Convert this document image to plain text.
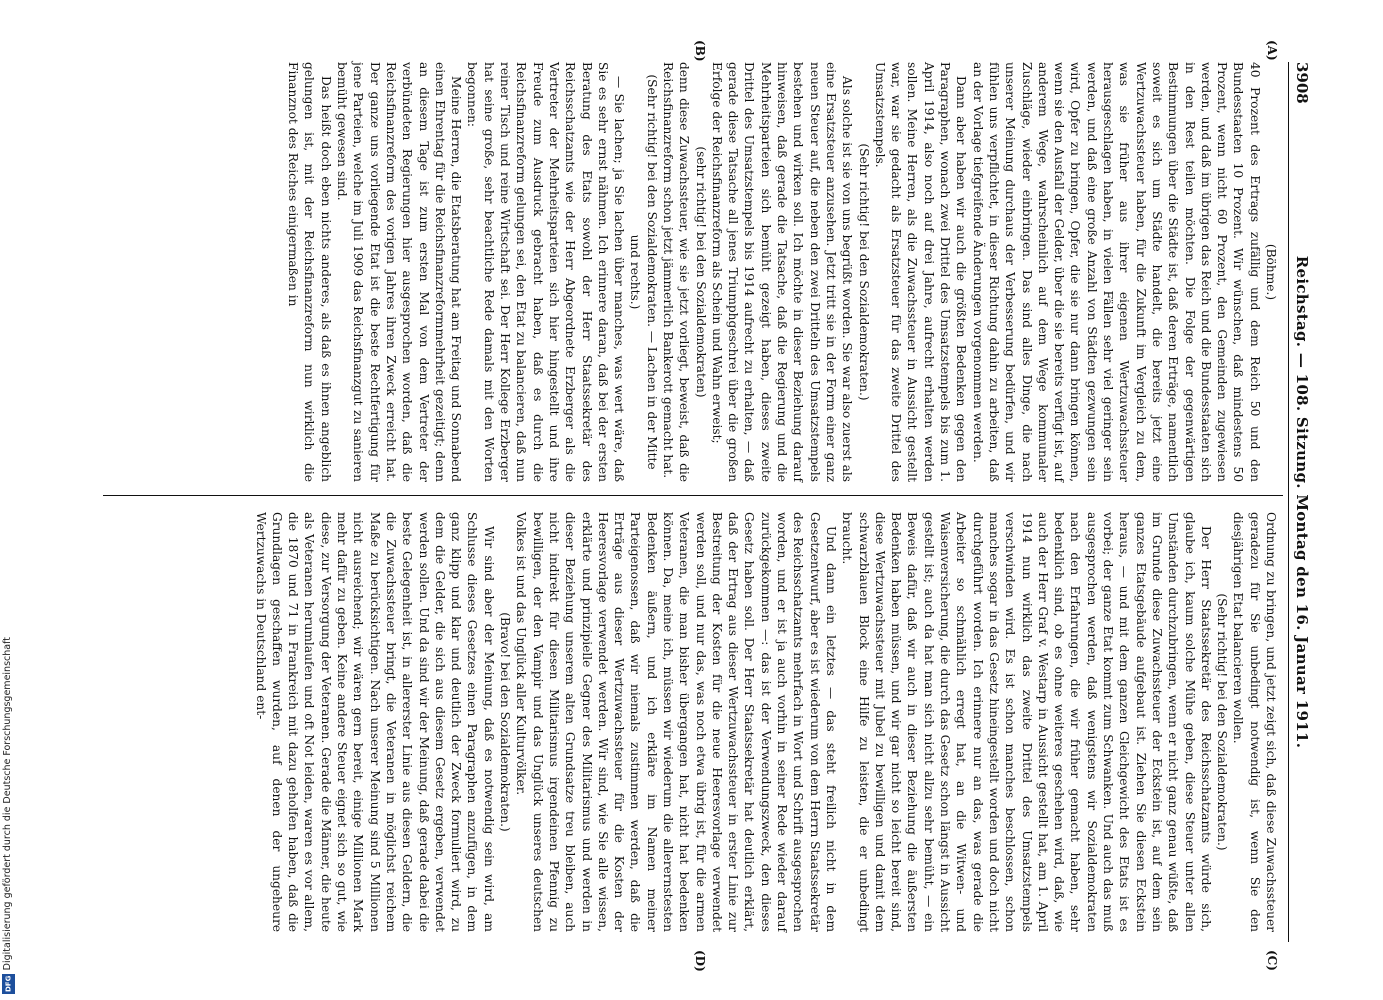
3908
Reichstag. — 108. Sitzung. Montag den 16. Januar 1911.
(A)
(B)
(C)
(D)

(Böhme.)

40 Prozent des Ertrags zufällig und dem Reich 50 und den Bundesstaaten 10 Prozent. Wir wünschen, daß mindestens 50 Prozent, wenn nicht 60 Prozent, den Gemeinden zugewiesen werden, und daß im übrigen das Reich und die Bundesstaaten sich in den Rest teilen möchten. Die Folge der gegenwärtigen Bestimmungen über die Städte ist, daß deren Erträge, namentlich soweit es sich um Städte handelt, die bereits jetzt eine Wertzuwachssteuer haben, für die Zukunft im Vergleich zu dem, was sie früher aus ihrer eigenen Wertzuwachssteuer herausgeschlagen haben, in vielen Fällen sehr viel geringer sein werden, und daß eine große Anzahl von Städten gezwungen sein wird, Opfer zu bringen, Opfer, die sie nur dann bringen können, wenn sie den Ausfall der Gelder, über die sie bereits verfügt ist, auf anderem Wege, wahrscheinlich auf dem Wege kommunaler Zuschläge, wieder einbringen. Das sind alles Dinge, die nach unserer Meinung durchaus der Verbesserung bedürfen, und wir fühlen uns verpflichtet, in dieser Richtung dahin zu arbeiten, daß an der Vorlage tiefgreifende Änderungen vorgenommen werden.

Dann aber haben wir auch die größten Bedenken gegen den Paragraphen, wonach zwei Drittel des Umsatzstempels bis zum 1. April 1914, also noch auf drei Jahre, aufrecht erhalten werden sollen. Meine Herren, als die Zuwachssteuer in Aussicht gestellt war, war sie gedacht als Ersatzsteuer für das zweite Drittel des Umsatzstempels.

(Sehr richtig! bei den Sozialdemokraten.)

Als solche ist sie von uns begrüßt worden. Sie war also zuerst als eine Ersatzsteuer anzusehen. Jetzt tritt sie in der Form einer ganz neuen Steuer auf, die neben den zwei Dritteln des Umsatzstempels bestehen und wirken soll. Ich möchte in dieser Beziehung darauf hinweisen, daß gerade die Tatsache, daß die Regierung und die Mehrheitsparteien sich bemüht gezeigt haben, dieses zweite Drittel des Umsatzstempels bis 1914 aufrecht zu erhalten, — daß gerade diese Tatsache all jenes Triumphgeschrei über die großen Erfolge der Reichsfinanzreform als Schein und Wahn erweist;

(sehr richtig! bei den Sozialdemokraten)

denn diese Zuwachssteuer, wie sie jetzt vorliegt, beweist, daß die Reichsfinanzreform schon jetzt jämmerlich Bankerott gemacht hat.

(Sehr richtig! bei den Sozialdemokraten. — Lachen in der Mitte und rechts.)

— Sie lachen; ja Sie lachen über manches, was wert wäre, daß Sie es sehr ernst nähmen. Ich erinnere daran, daß bei der ersten Beratung des Etats sowohl der Herr Staatssekretär des Reichsschatzamts wie der Herr Abgeordnete Erzberger als die Vertreter der Mehrheitsparteien sich hier hingestellt und ihre Freude zum Ausdruck gebracht haben, daß es durch die Reichsfinanzreform gelungen sei, den Etat zu balancieren, daß nun reiner Tisch und reine Wirtschaft sei. Der Herr Kollege Erzberger hat seine große, sehr beachtliche Rede damals mit den Worten begonnen:

Meine Herren, die Etatsberatung hat am Freitag und Sonnabend einen Ehrentag für die Reichsfinanzreformmehrheit gezeitigt; denn an diesem Tage ist zum ersten Mal von dem Vertreter der verbündeten Regierungen hier ausgesprochen worden, daß die Reichsfinanzreform des vorigen Jahres ihren Zweck erreicht hat. Der ganze uns vorliegende Etat ist die beste Rechtfertigung für jene Parteien, welche im Juli 1909 das Reichsfinanzgut zu sanieren bemüht gewesen sind.

Das heißt doch eben nichts anderes, als daß es ihnen angeblich gelungen ist, mit der Reichsfinanzreform nun wirklich die Finanznot des Reiches einigermaßen in

Ordnung zu bringen, und jetzt zeigt sich, daß diese Zuwachssteuer geradezu für Sie unbedingt notwendig ist, wenn Sie den diesjährigen Etat balancieren wollen.

(Sehr richtig! bei den Sozialdemokraten.)

Der Herr Staatssekretär des Reichsschatzamts würde sich, glaube ich, kaum solche Mühe geben, diese Steuer unter allen Umständen durchzubringen, wenn er nicht ganz genau wüßte, daß im Grunde diese Zuwachssteuer der Eckstein ist, auf dem sein ganzes Etatsgebäude aufgebaut ist. Ziehen Sie diesen Eckstein heraus, — und mit dem ganzen Gleichgewicht des Etats ist es vorbei; der ganze Etat kommt zum Schwanken. Und auch das muß ausgesprochen werden, daß wenigstens wir Sozialdemokraten nach den Erfahrungen, die wir früher gemacht haben, sehr bedenklich sind, ob es ohne weiteres geschehen wird, daß, wie auch der Herr Graf v. Westarp in Aussicht gestellt hat, am 1. April 1914 nun wirklich das zweite Drittel des Umsatzstempels verschwinden wird. Es ist schon manches beschlossen, schon manches sogar in das Gesetz hineingestellt worden und doch nicht durchgeführt worden. Ich erinnere nur an das, was gerade die Arbeiter so schmählich erregt hat, an die Witwen- und Waisenversicherung, die durch das Gesetz schon längst in Aussicht gestellt ist; auch da hat man sich nicht allzu sehr bemüht, — ein Beweis dafür, daß wir auch in dieser Beziehung die äußersten Bedenken haben müssen, und wir gar nicht so leicht bereit sind, diese Wertzuwachssteuer mit Jubel zu bewilligen und damit dem schwarzblauen Block eine Hilfe zu leisten, die er unbedingt braucht.

Und dann ein letztes — das steht freilich nicht in dem Gesetzentwurf, aber es ist wiederum von dem Herrn Staatssekretär des Reichsschatzamts mehrfach in Wort und Schrift ausgesprochen worden, und er ist ja auch vorhin in seiner Rede wieder darauf zurückgekommen —: das ist der Verwendungszweck, den dieses Gesetz haben soll. Der Herr Staatssekretär hat deutlich erklärt, daß der Ertrag aus dieser Wertzuwachssteuer in erster Linie zur Bestreitung der Kosten für die neue Heeresvorlage verwendet werden soll, und nur das, was noch etwa übrig ist, für die armen Veteranen, die man bisher übergangen hat, nicht hat bedenken können. Da, meine ich, müssen wir wiederum die allerernstesten Bedenken äußern, und ich erkläre im Namen meiner Parteigenossen, daß wir niemals zustimmen werden, daß die Erträge aus dieser Wertzuwachssteuer für die Kosten der Heeresvorlage verwendet werden. Wir sind, wie Sie alle wissen, erklärte und prinzipielle Gegner des Militarismus und werden in dieser Beziehung unserem alten Grundsatze treu bleiben, auch nicht indirekt für diesen Militarismus irgendeinen Pfennig zu bewilligen, der den Vampir und das Unglück unseres deutschen Volkes ist und das Unglück aller Kulturvölker.

(Bravo! bei den Sozialdemokraten.)

Wir sind aber der Meinung, daß es notwendig sein wird, am Schlusse dieses Gesetzes einen Paragraphen anzufügen, in dem ganz klipp und klar und deutlich der Zweck formuliert wird, zu dem die Gelder, die sich aus diesem Gesetz ergeben, verwendet werden sollen. Und da sind wir der Meinung, daß gerade dabei die beste Gelegenheit ist, in allererster Linie aus diesen Geldern, die die Zuwachssteuer bringt, die Veteranen in möglichst reichem Maße zu berücksichtigen. Nach unserer Meinung sind 5 Millionen nicht ausreichend; wir wären gern bereit, einige Millionen Mark mehr dafür zu geben. Keine andere Steuer eignet sich so gut, wie diese, zur Versorgung der Veteranen. Gerade die Männer, die heute als Veteranen herumlaufen und oft Not leiden, waren es vor allem, die 1870 und 71 in Frankreich mit dazu geholfen haben, daß die Grundlagen geschaffen wurden, auf denen der ungeheure Wertzuwachs in Deutschland ent-

Digitalisierung gefördert durch die Deutsche Forschungsgemeinschaft
DFG
